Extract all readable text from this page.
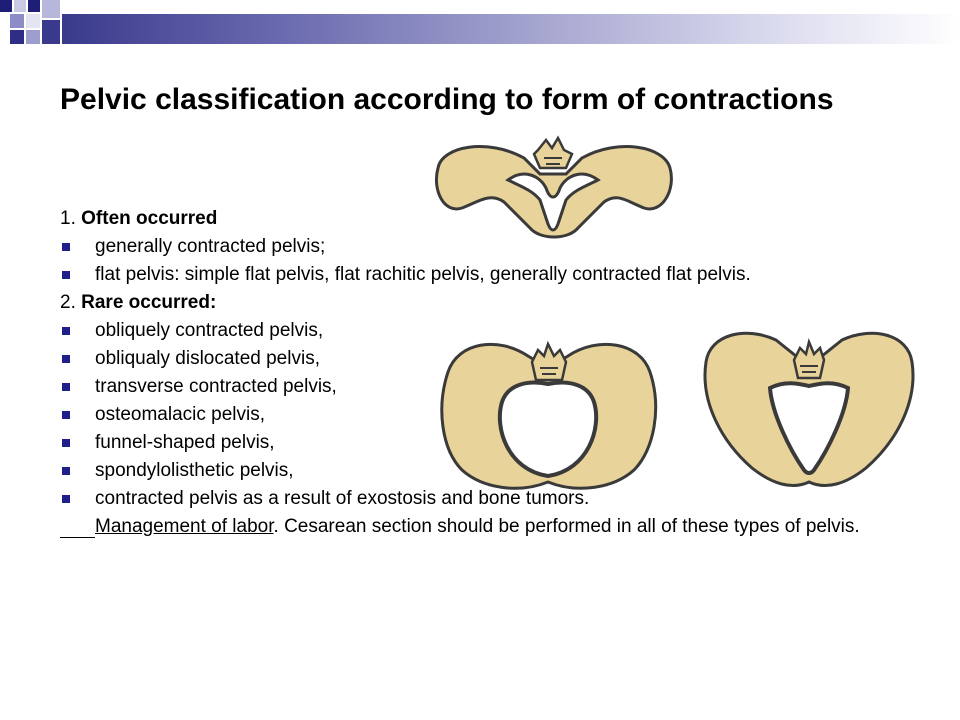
Pelvic classification according to form of contractions

1. Often occurred

generally contracted pelvis;
flat pelvis: simple flat pelvis, flat rachitic pelvis, generally contracted flat pelvis.

2. Rare occurred:

obliquely contracted pelvis,
obliqualy dislocated pelvis,
transverse contracted pelvis,
osteomalacic pelvis,
funnel-shaped pelvis,
spondylolisthetic pelvis,
contracted pelvis as a result of exostosis and bone tumors.
Management of labor. Cesarean section should be performed in all of these types of pelvis.
